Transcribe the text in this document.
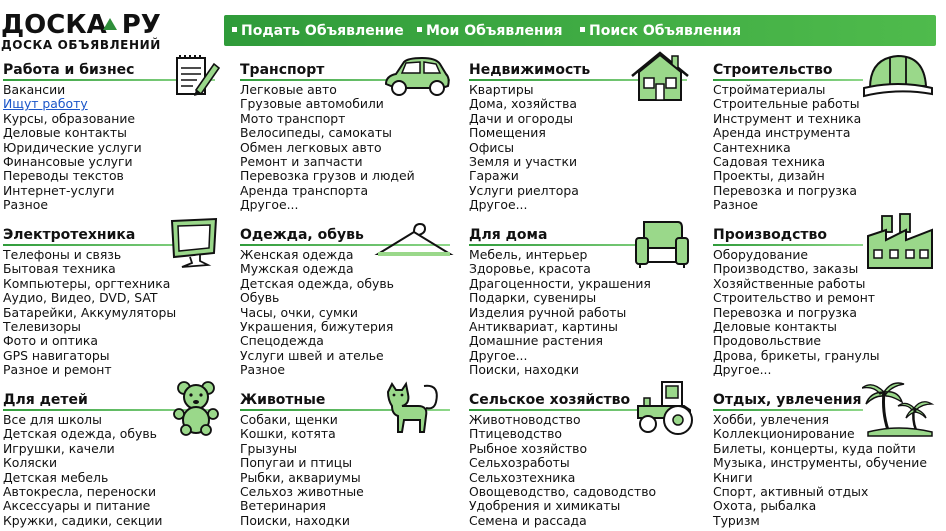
ДОСКА РУ
ДОСКА ОБЪЯВЛЕНИЙ
Подать Объявление	Мои Объявления	Поиск Объявления
Работа и бизнес
Вакансии
Ищут работу
Курсы, образование
Деловые контакты
Юридические услуги
Финансовые услуги
Переводы текстов
Интернет-услуги
Разное
Транспорт
Легковые авто
Грузовые автомобили
Мото транспорт
Велосипеды, самокаты
Обмен легковых авто
Ремонт и запчасти
Перевозка грузов и людей
Аренда транспорта
Другое...
Недвижимость
Квартиры
Дома, хозяйства
Дачи и огороды
Помещения
Офисы
Земля и участки
Гаражи
Услуги риелтора
Другое...
Строительство
Стройматериалы
Строительные работы
Инструмент и техника
Аренда инструмента
Сантехника
Садовая техника
Проекты, дизайн
Перевозка и погрузка
Разное
Электротехника
Телефоны и связь
Бытовая техника
Компьютеры, оргтехника
Аудио, Видео, DVD, SAT
Батарейки, Аккумуляторы
Телевизоры
Фото и оптика
GPS навигаторы
Разное и ремонт
Одежда, обувь
Женская одежда
Мужская одежда
Детская одежда, обувь
Обувь
Часы, очки, сумки
Украшения, бижутерия
Спецодежда
Услуги швей и ателье
Разное
Для дома
Мебель, интерьер
Здоровье, красота
Драгоценности, украшения
Подарки, сувениры
Изделия ручной работы
Антиквариат, картины
Домашние растения
Другое...
Поиски, находки
Производство
Оборудование
Производство, заказы
Хозяйственные работы
Строительство и ремонт
Перевозка и погрузка
Деловые контакты
Продовольствие
Дрова, брикеты, гранулы
Другое...
Для детей
Все для школы
Детская одежда, обувь
Игрушки, качели
Коляски
Детская мебель
Автокресла, переноски
Аксессуары и питание
Кружки, садики, секции
Животные
Собаки, щенки
Кошки, котята
Грызуны
Попугаи и птицы
Рыбки, аквариумы
Сельхоз животные
Ветеринария
Поиски, находки
Сельское хозяйство
Животноводство
Птицеводство
Рыбное хозяйство
Сельхозработы
Сельхозтехника
Овощеводство, садоводство
Удобрения и химикаты
Семена и рассада
Отдых, увлечения
Хобби, увлечения
Коллекционирование
Билеты, концерты, куда пойти
Музыка, инструменты, обучение
Книги
Спорт, активный отдых
Охота, рыбалка
Туризм
